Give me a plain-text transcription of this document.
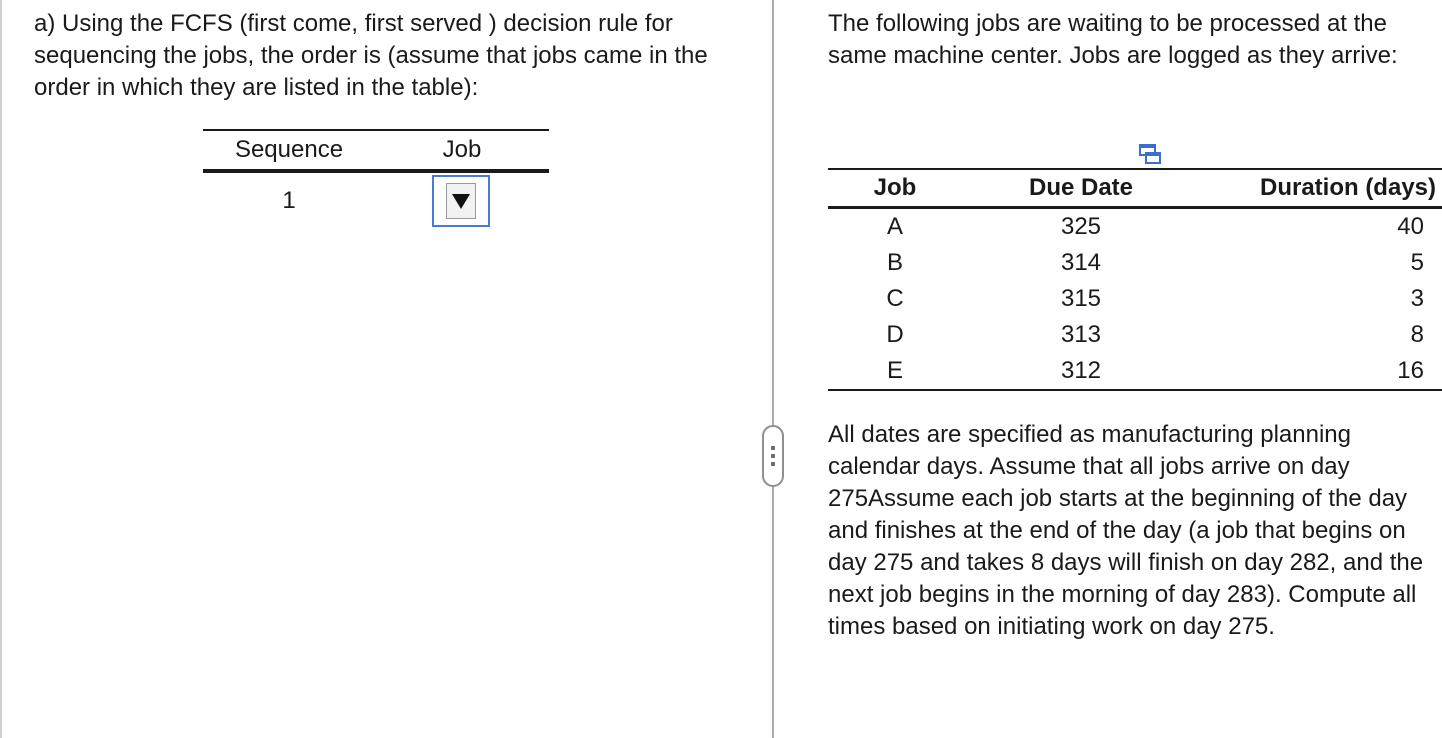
a) Using the FCFS (first come, first served ) decision rule for sequencing the jobs, the order is (assume that jobs came in the order in which they are listed in the table):

Sequence	Job
1

The following jobs are waiting to be processed at the same machine center. Jobs are logged as they arrive:

Job	Due Date	Duration (days)
A	325	40
B	314	5
C	315	3
D	313	8
E	312	16

All dates are specified as manufacturing planning calendar days. Assume that all jobs arrive on day 275Assume each job starts at the beginning of the day and finishes at the end of the day (a job that begins on day 275 and takes 8 days will finish on day 282, and the next job begins in the morning of day 283). Compute all times based on initiating work on day 275.
